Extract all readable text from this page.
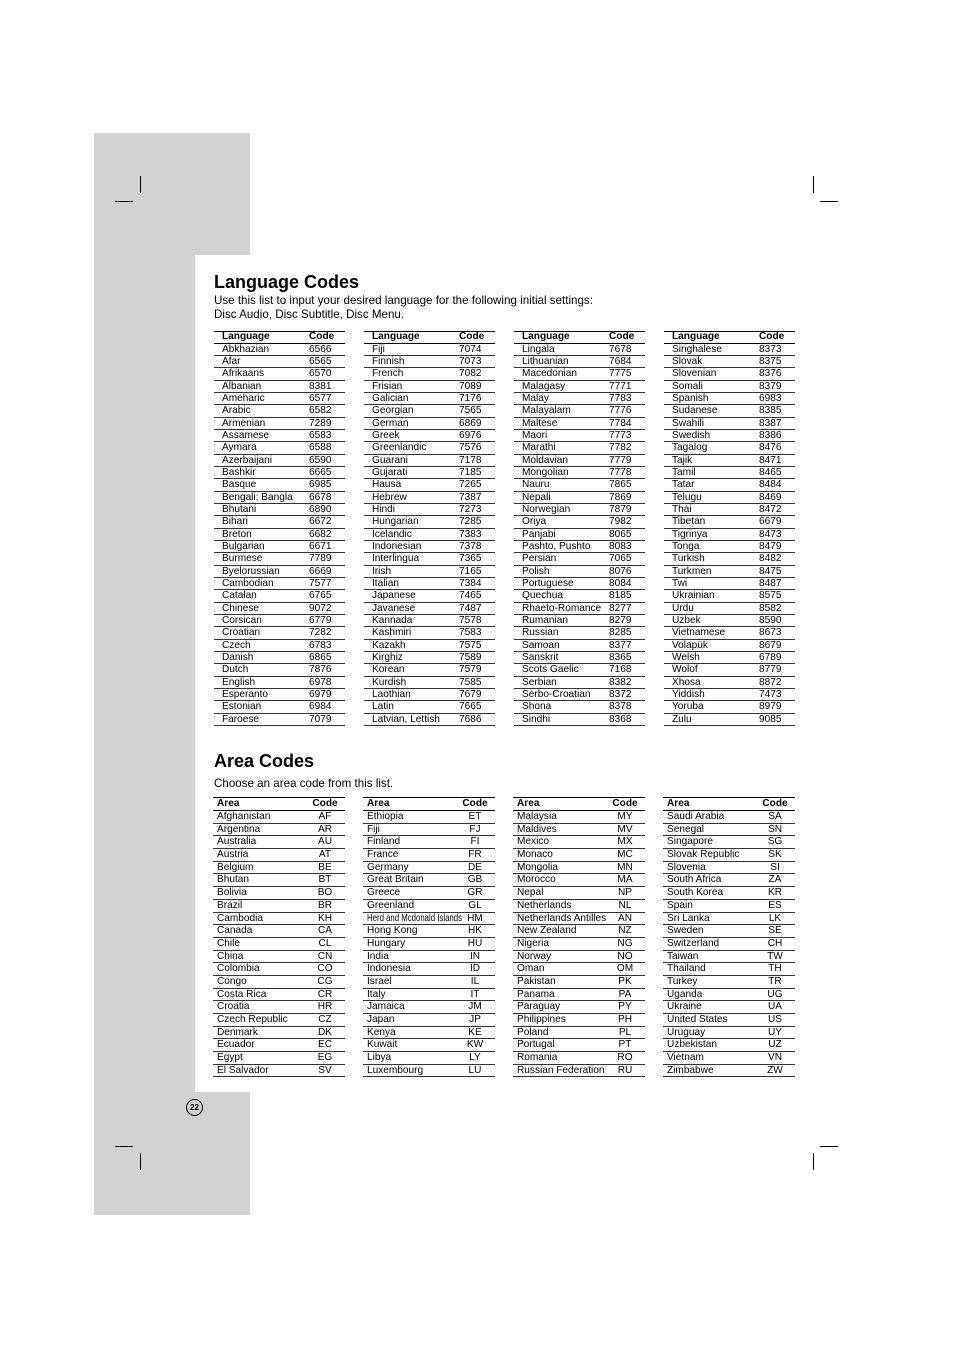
Language Codes
Use this list to input your desired language for the following initial settings:
Disc Audio, Disc Subtitle, Disc Menu.
Language	Code
Abkhazian	6566
Afar	6565
Afrikaans	6570
Albanian	8381
Ameharic	6577
Arabic	6582
Armenian	7289
Assamese	6583
Aymara	6588
Azerbaijani	6590
Bashkir	6665
Basque	6985
Bengali; Bangla 6678
Bhutani	6890
Bihari	6672
Breton	6682
Bulgarian	6671
Burmese	7789
Byelorussian	6669
Cambodian	7577
Catalan	6765
Chinese	9072
Corsican	6779
Croatian	7282
Czech	6783
Danish	6865
Dutch	7876
English	6978
Esperanto	6979
Estonian	6984
Faroese	7079
Language	Code
Fiji	7074
Finnish	7073
French	7082
Frisian	7089
Galician	7176
Georgian	7565
German	6869
Greek	6976
Greenlandic	7576
Guarani	7178
Gujarati	7185
Hausa	7265
Hebrew	7387
Hindi	7273
Hungarian	7285
Icelandic	7383
Indonesian	7378
Interlingua	7365
Irish	7165
Italian	7384
Japanese	7465
Javanese	7487
Kannada	7578
Kashmiri	7583
Kazakh	7575
Kirghiz	7589
Korean	7579
Kurdish	7585
Laothian	7679
Latin	7665
Latvian, Lettish 7686
Language	Code
Lingala	7678
Lithuanian	7684
Macedonian	7775
Malagasy	7771
Malay	7783
Malayalam	7776
Maltese	7784
Maori	7773
Marathi	7782
Moldavian	7779
Mongolian	7778
Nauru	7865
Nepali	7869
Norwegian	7879
Oriya	7982
Panjabi	8065
Pashto, Pushto 8083
Persian	7065
Polish	8076
Portuguese	8084
Quechua	8185
Rhaeto-Romance 8277
Rumanian	8279
Russian	8285
Samoan	8377
Sanskrit	8365
Scots Gaelic	7168
Serbian	8382
Serbo-Croatian 8372
Shona	8378
Sindhi	8368
Language	Code
Singhalese	8373
Slovak	8375
Slovenian	8376
Somali	8379
Spanish	6983
Sudanese	8385
Swahili	8387
Swedish	8386
Tagalog	8476
Tajik	8471
Tamil	8465
Tatar	8484
Telugu	8469
Thai	8472
Tibetan	6679
Tigrinya	8473
Tonga	8479
Turkish	8482
Turkmen	8475
Twi	8487
Ukrainian	8575
Urdu	8582
Uzbek	8590
Vietnamese	8673
Volapük	8679
Welsh	6789
Wolof	8779
Xhosa	8872
Yiddish	7473
Yoruba	8979
Zulu	9085
Area Codes
Choose an area code from this list.
Area	Code
Afghanistan	AF
Argentina	AR
Australia	AU
Austria	AT
Belgium	BE
Bhutan	BT
Bolivia	BO
Brazil	BR
Cambodia	KH
Canada	CA
Chile	CL
China	CN
Colombia	CO
Congo	CG
Costa Rica	CR
Croatia	HR
Czech Republic	CZ
Denmark	DK
Ecuador	EC
Egypt	EG
El Salvador	SV
Area	Code
Ethiopia	ET
Fiji	FJ
Finland	FI
France	FR
Germany	DE
Great Britain	GB
Greece	GR
Greenland	GL
Herd and Mcdonald Islands HM
Hong Kong	HK
Hungary	HU
India	IN
Indonesia	ID
Israel	IL
Italy	IT
Jamaica	JM
Japan	JP
Kenya	KE
Kuwait	KW
Libya	LY
Luxembourg	LU
Area	Code
Malaysia	MY
Maldives	MV
Mexico	MX
Monaco	MC
Mongolia	MN
Morocco	MA
Nepal	NP
Netherlands	NL
Netherlands Antilles	AN
New Zealand	NZ
Nigeria	NG
Norway	NO
Oman	OM
Pakistan	PK
Panama	PA
Paraguay	PY
Philippines	PH
Poland	PL
Portugal	PT
Romania	RO
Russian Federation	RU
Area	Code
Saudi Arabia	SA
Senegal	SN
Singapore	SG
Slovak Republic	SK
Slovenia	SI
South Africa	ZA
South Korea	KR
Spain	ES
Sri Lanka	LK
Sweden	SE
Switzerland	CH
Taiwan	TW
Thailand	TH
Turkey	TR
Uganda	UG
Ukraine	UA
United States	US
Uruguay	UY
Uzbekistan	UZ
Vietnam	VN
Zimbabwe	ZW
22
